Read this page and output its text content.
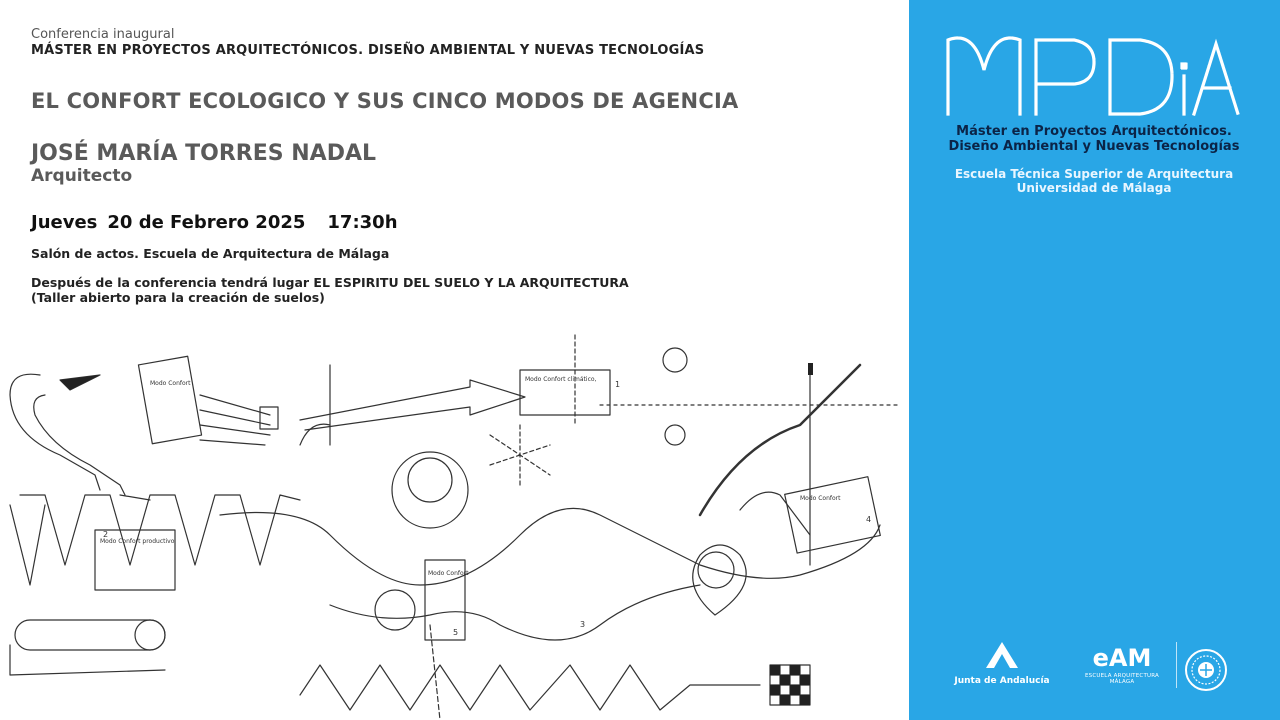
Conferencia inaugural
MÁSTER EN PROYECTOS ARQUITECTÓNICOS. DISEÑO AMBIENTAL Y NUEVAS TECNOLOGÍAS
EL CONFORT ECOLOGICO Y SUS CINCO MODOS DE AGENCIA
JOSÉ MARÍA TORRES NADAL
Arquitecto
Jueves 20 de Febrero 2025 17:30h
Salón de actos. Escuela de Arquitectura de Málaga
Después de la conferencia tendrá lugar EL ESPIRITU DEL SUELO Y LA ARQUITECTURA
(Taller abierto para la creación de suelos)
Modo Confort climático,
Modo Confort productivo
Modo Confort
Modo Confort
Modo Confort
1
2
3
4
5
MPDiA
Máster en Proyectos Arquitectónicos.
Diseño Ambiental y Nuevas Tecnologías
Escuela Técnica Superior de Arquitectura
Universidad de Málaga
Junta de Andalucía
eAM
ESCUELA ARQUITECTURA MÁLAGA
